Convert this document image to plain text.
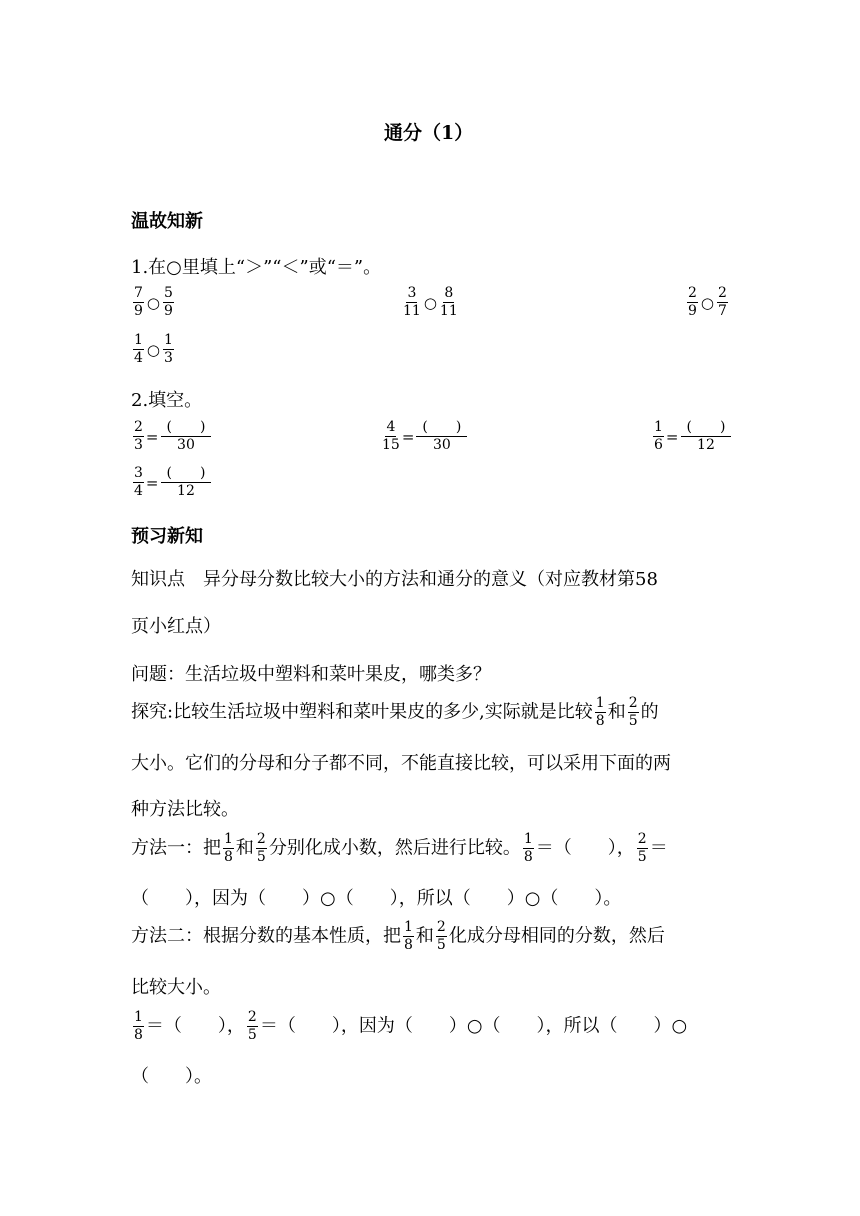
通分（1）
温故知新
1.在○里填上“＞”“＜”或“＝”。
$\frac{7}{9}$ ○ $\frac{5}{9}$	$\frac{3}{11}$ ○ $\frac{8}{11}$	$\frac{2}{9}$ ○ $\frac{2}{7}$
$\frac{1}{4}$ ○ $\frac{1}{3}$
2.填空。
$\frac{2}{3} = \frac{( )}{30}$	$\frac{4}{15} = \frac{( )}{30}$	$\frac{1}{6} = \frac{( )}{12}$
$\frac{3}{4} = \frac{( )}{12}$
预习新知
知识点　异分母分数比较大小的方法和通分的意义（对应教材第58
页小红点）
问题：生活垃圾中塑料和菜叶果皮，哪类多？
探究:比较生活垃圾中塑料和菜叶果皮的多少,实际就是比较 $\frac{1}{8}$ 和 $\frac{2}{5}$ 的
大小。它们的分母和分子都不同，不能直接比较，可以采用下面的两
种方法比较。
方法一：把 $\frac{1}{8}$ 和 $\frac{2}{5}$ 分别化成小数，然后进行比较。 $\frac{1}{8}$ ＝（　　）， $\frac{2}{5}$ ＝
（　　），因为（　　）○（　　），所以（　　）○（　　）。
方法二：根据分数的基本性质，把 $\frac{1}{8}$ 和 $\frac{2}{5}$ 化成分母相同的分数，然后
比较大小。
$\frac{1}{8}$ ＝（　　）， $\frac{2}{5}$ ＝（　　），因为（　　）○（　　），所以（　　）○
（　　）。
